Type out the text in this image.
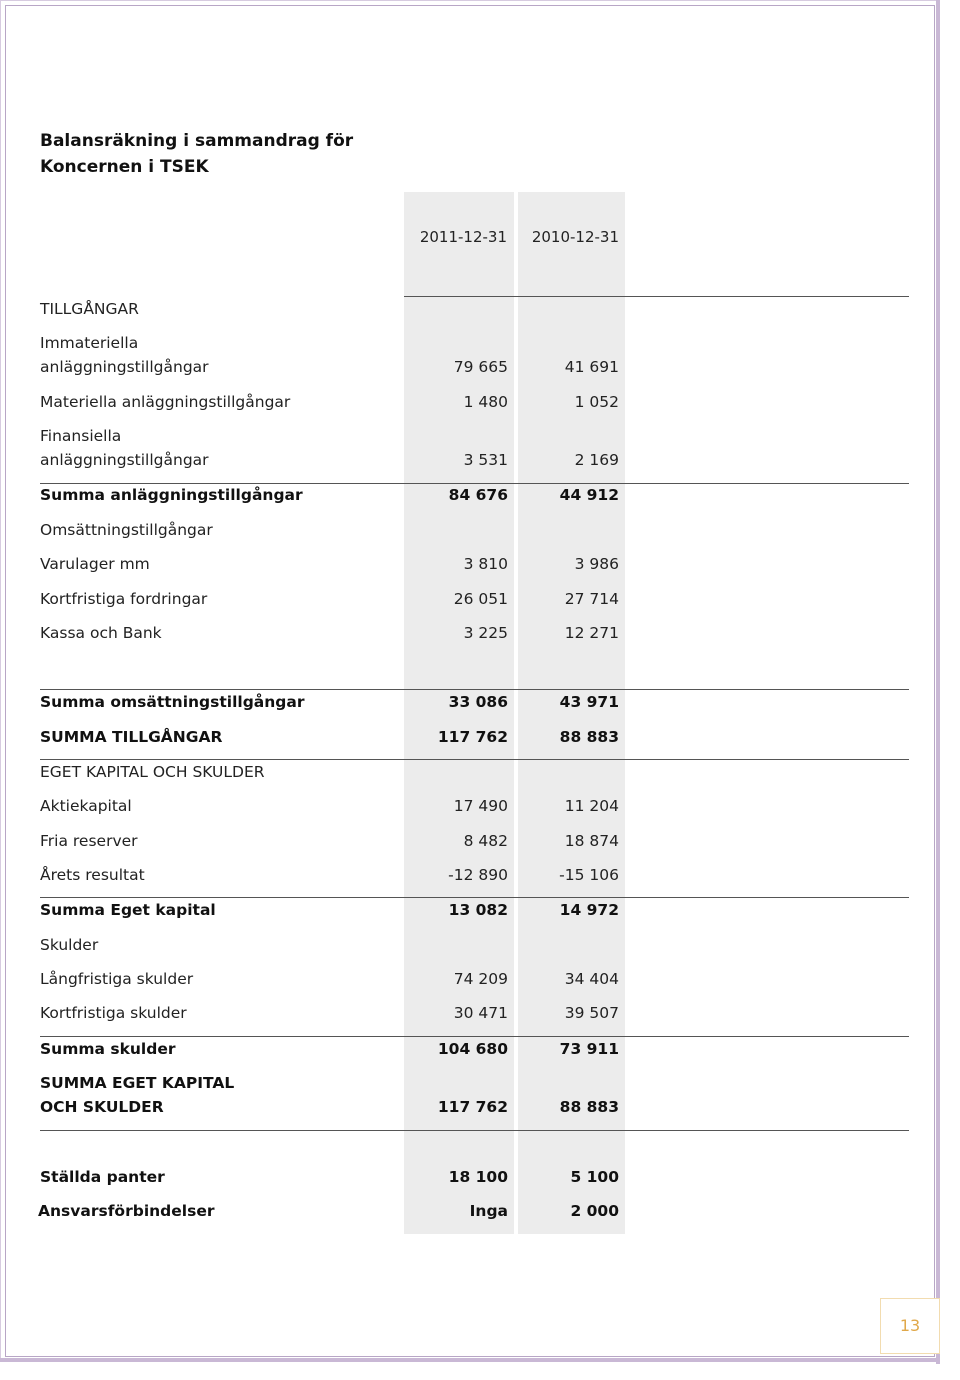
Balansräkning i sammandrag för
Koncernen i TSEK
2011-12-31	2010-12-31
TILLGÅNGAR
Immateriella
anläggningstillgångar	79 665	41 691
Materiella anläggningstillgångar	1 480	1 052
Finansiella
anläggningstillgångar	3 531	2 169
Summa anläggningstillgångar	84 676	44 912
Omsättningstillgångar
Varulager mm	3 810	3 986
Kortfristiga fordringar	26 051	27 714
Kassa och Bank	3 225	12 271
Summa omsättningstillgångar	33 086	43 971
SUMMA TILLGÅNGAR	117 762	88 883
EGET KAPITAL OCH SKULDER
Aktiekapital	17 490	11 204
Fria reserver	8 482	18 874
Årets resultat	-12 890	-15 106
Summa Eget kapital	13 082	14 972
Skulder
Långfristiga skulder	74 209	34 404
Kortfristiga skulder	30 471	39 507
Summa skulder	104 680	73 911
SUMMA EGET KAPITAL
OCH SKULDER	117 762	88 883
Ställda panter	18 100	5 100
Ansvarsförbindelser	Inga	2 000
13
